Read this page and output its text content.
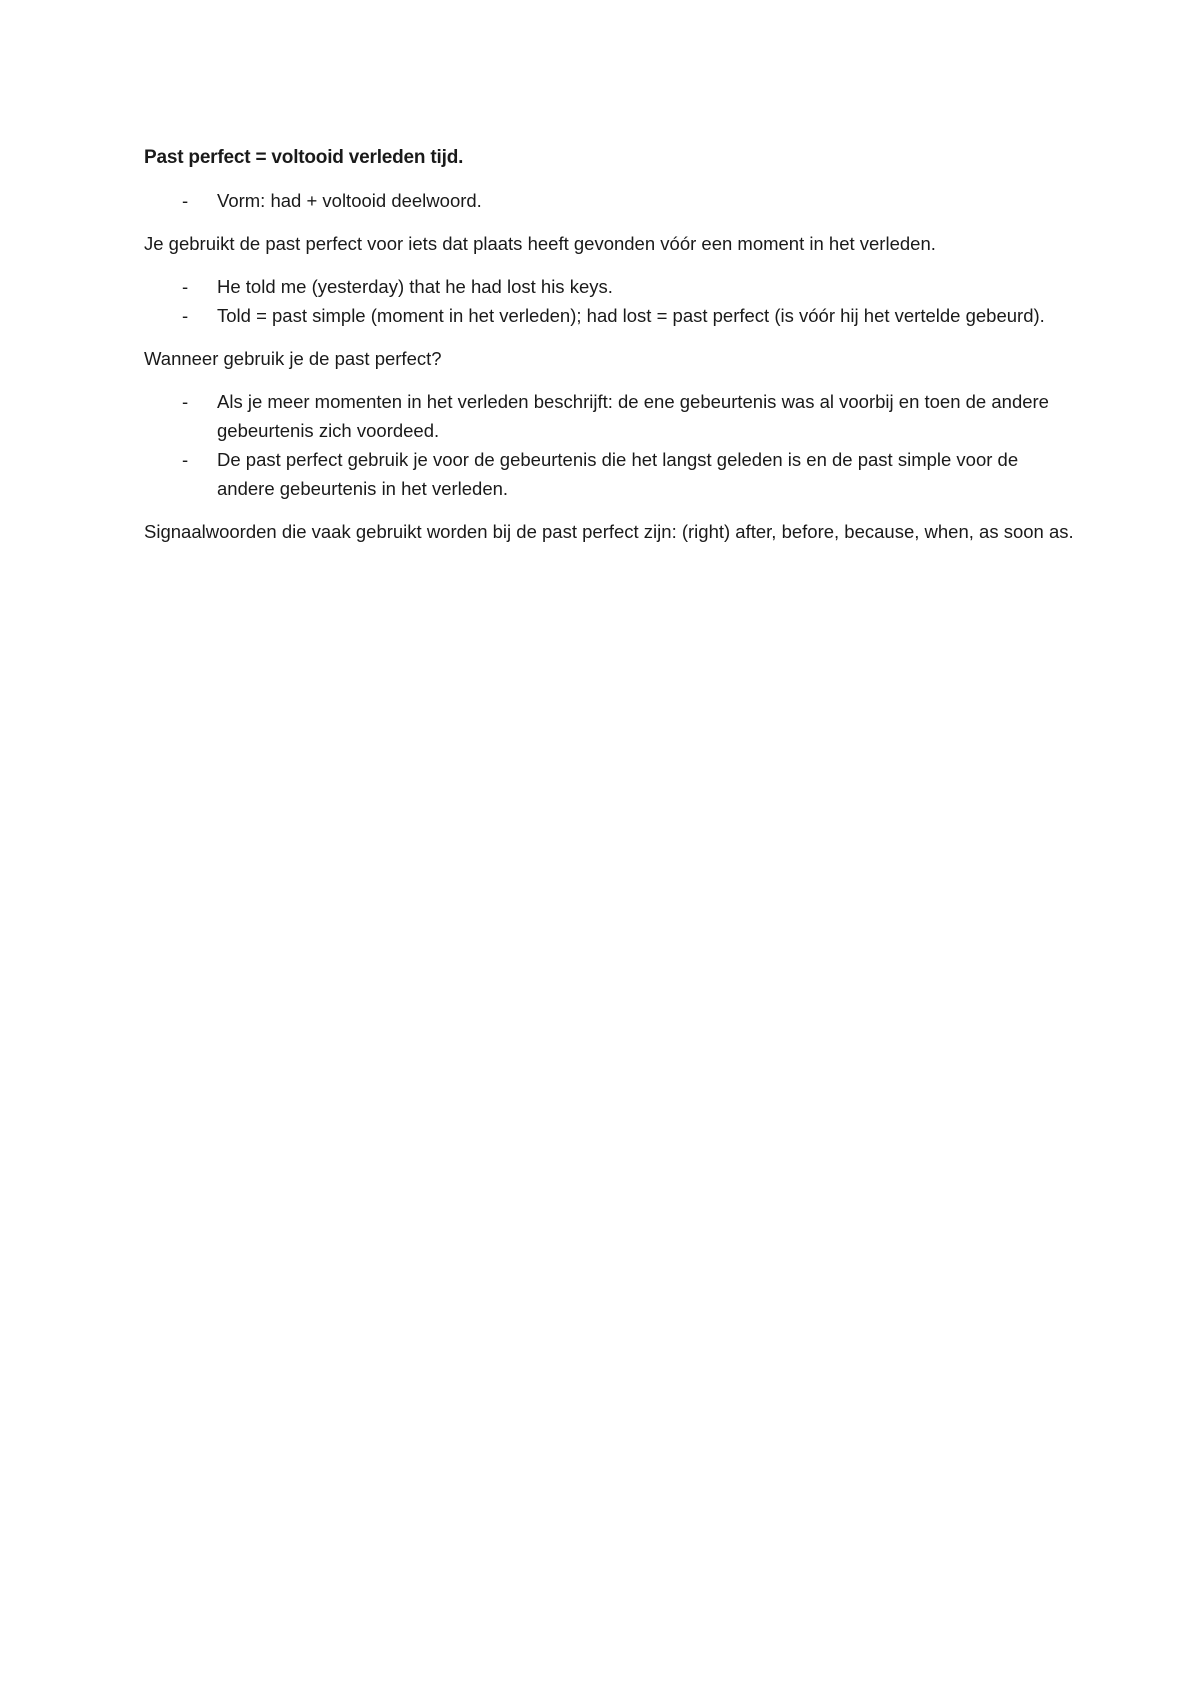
Past perfect = voltooid verleden tijd.

- Vorm: had + voltooid deelwoord.

Je gebruikt de past perfect voor iets dat plaats heeft gevonden vóór een moment in het verleden.

- He told me (yesterday) that he had lost his keys.
- Told = past simple (moment in het verleden); had lost = past perfect (is vóór hij het vertelde gebeurd).

Wanneer gebruik je de past perfect?

- Als je meer momenten in het verleden beschrijft: de ene gebeurtenis was al voorbij en toen de andere gebeurtenis zich voordeed.
- De past perfect gebruik je voor de gebeurtenis die het langst geleden is en de past simple voor de andere gebeurtenis in het verleden.

Signaalwoorden die vaak gebruikt worden bij de past perfect zijn: (right) after, before, because, when, as soon as.
